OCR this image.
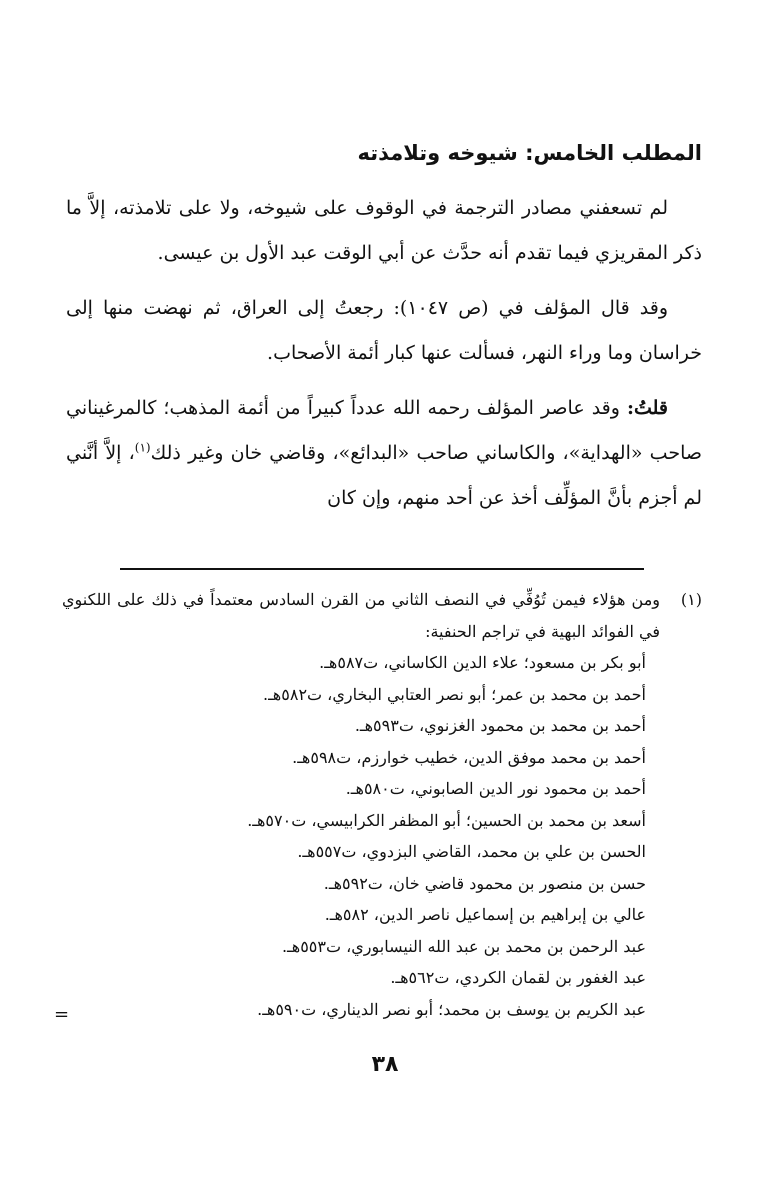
المطلب الخامس: شيوخه وتلامذته

لم تسعفني مصادر الترجمة في الوقوف على شيوخه، ولا على تلامذته، إلاَّ ما ذكر المقريزي فيما تقدم أنه حدَّث عن أبي الوقت عبد الأول بن عيسى.

وقد قال المؤلف في (ص ١٠٤٧): رجعتُ إلى العراق، ثم نهضت منها إلى خراسان وما وراء النهر، فسألت عنها كبار أئمة الأصحاب.

قلتُ: وقد عاصر المؤلف رحمه الله عدداً كبيراً من أئمة المذهب؛ كالمرغيناني صاحب «الهداية»، والكاساني صاحب «البدائع»، وقاضي خان وغير ذلك$^{(١)}$، إلاَّ أنَّني لم أجزم بأنَّ المؤلِّف أخذ عن أحد منهم، وإن كان

(١)
ومن هؤلاء فيمن تُوُفِّي في النصف الثاني من القرن السادس معتمداً في ذلك على اللكنوي في الفوائد البهية في تراجم الحنفية:
أبو بكر بن مسعود؛ علاء الدين الكاساني، ت٥٨٧هـ.
أحمد بن محمد بن عمر؛ أبو نصر العتابي البخاري، ت٥٨٢هـ.
أحمد بن محمد بن محمود الغزنوي، ت٥٩٣هـ.
أحمد بن محمد موفق الدين، خطيب خوارزم، ت٥٩٨هـ.
أحمد بن محمود نور الدين الصابوني، ت٥٨٠هـ.
أسعد بن محمد بن الحسين؛ أبو المظفر الكرابيسي، ت٥٧٠هـ.
الحسن بن علي بن محمد، القاضي البزدوي، ت٥٥٧هـ.
حسن بن منصور بن محمود قاضي خان، ت٥٩٢هـ.
عالي بن إبراهيم بن إسماعيل ناصر الدين، ٥٨٢هـ.
عبد الرحمن بن محمد بن عبد الله النيسابوري، ت٥٥٣هـ.
عبد الغفور بن لقمان الكردي، ت٥٦٢هـ.
عبد الكريم بن يوسف بن محمد؛ أبو نصر الديناري، ت٥٩٠هـ.
=
٣٨
